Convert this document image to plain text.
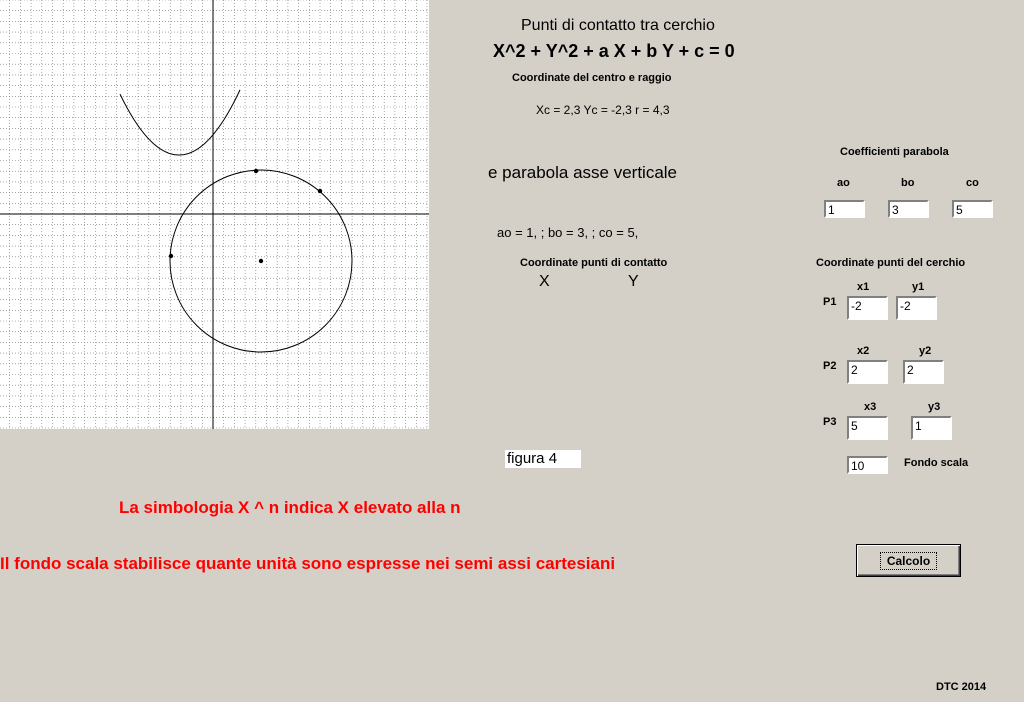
Punti di contatto tra cerchio
X^2 + Y^2 + a X + b Y + c = 0
Coordinate del centro e raggio
Xc = 2,3 Yc = -2,3 r = 4,3
e parabola asse verticale
ao = 1, ; bo = 3, ; co = 5,
Coordinate punti di contatto
X	Y
Coefficienti parabola
ao	bo	co
1	3	5
Coordinate punti del cerchio
x1	y1
P1	-2	-2
x2	y2
P2	2	2
x3	y3
P3	5	1
10	Fondo scala
figura 4
La simbologia X ^ n indica X elevato alla n
Il fondo scala stabilisce quante unità sono espresse nei semi assi cartesiani	Calcolo
DTC 2014
